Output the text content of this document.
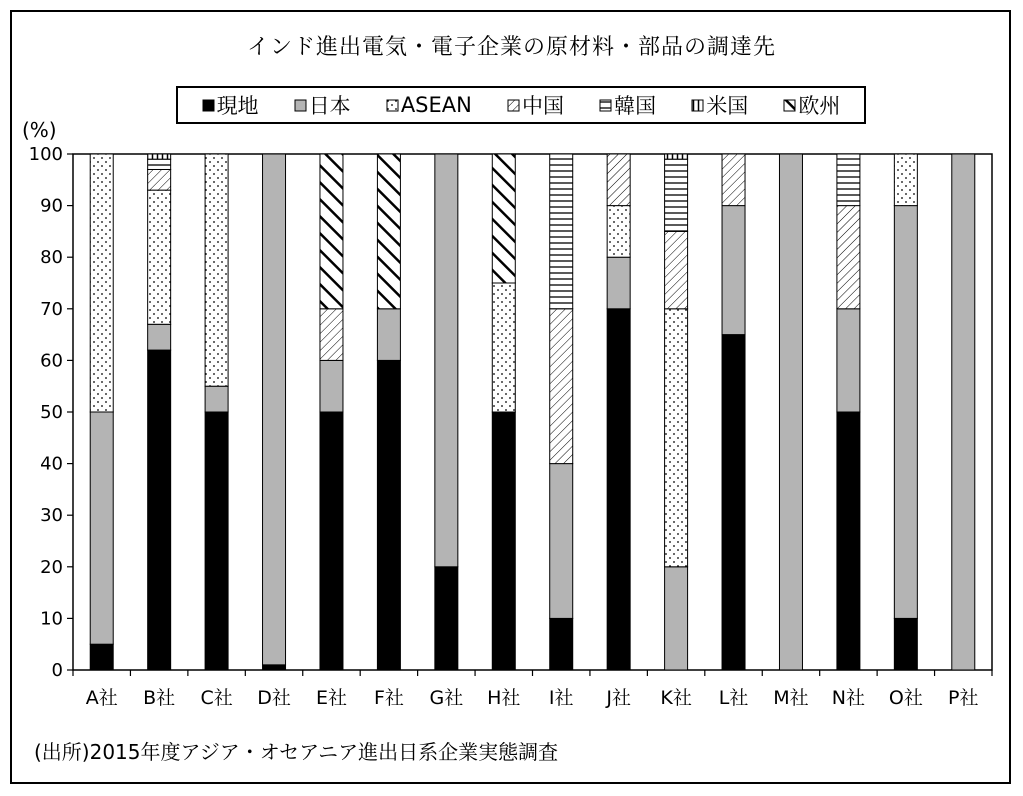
インド進出電気・電子企業の原材料・部品の調達先
現地 日本 ASEAN 中国 韓国 米国 欧州
(%)
0
10
20
30
40
50
60
70
80
90
100
A社 B社 C社 D社 E社 F社 G社 H社 I社 J社 K社 L社 M社 N社 O社 P社
(出所)2015年度アジア・オセアニア進出日系企業実態調査
